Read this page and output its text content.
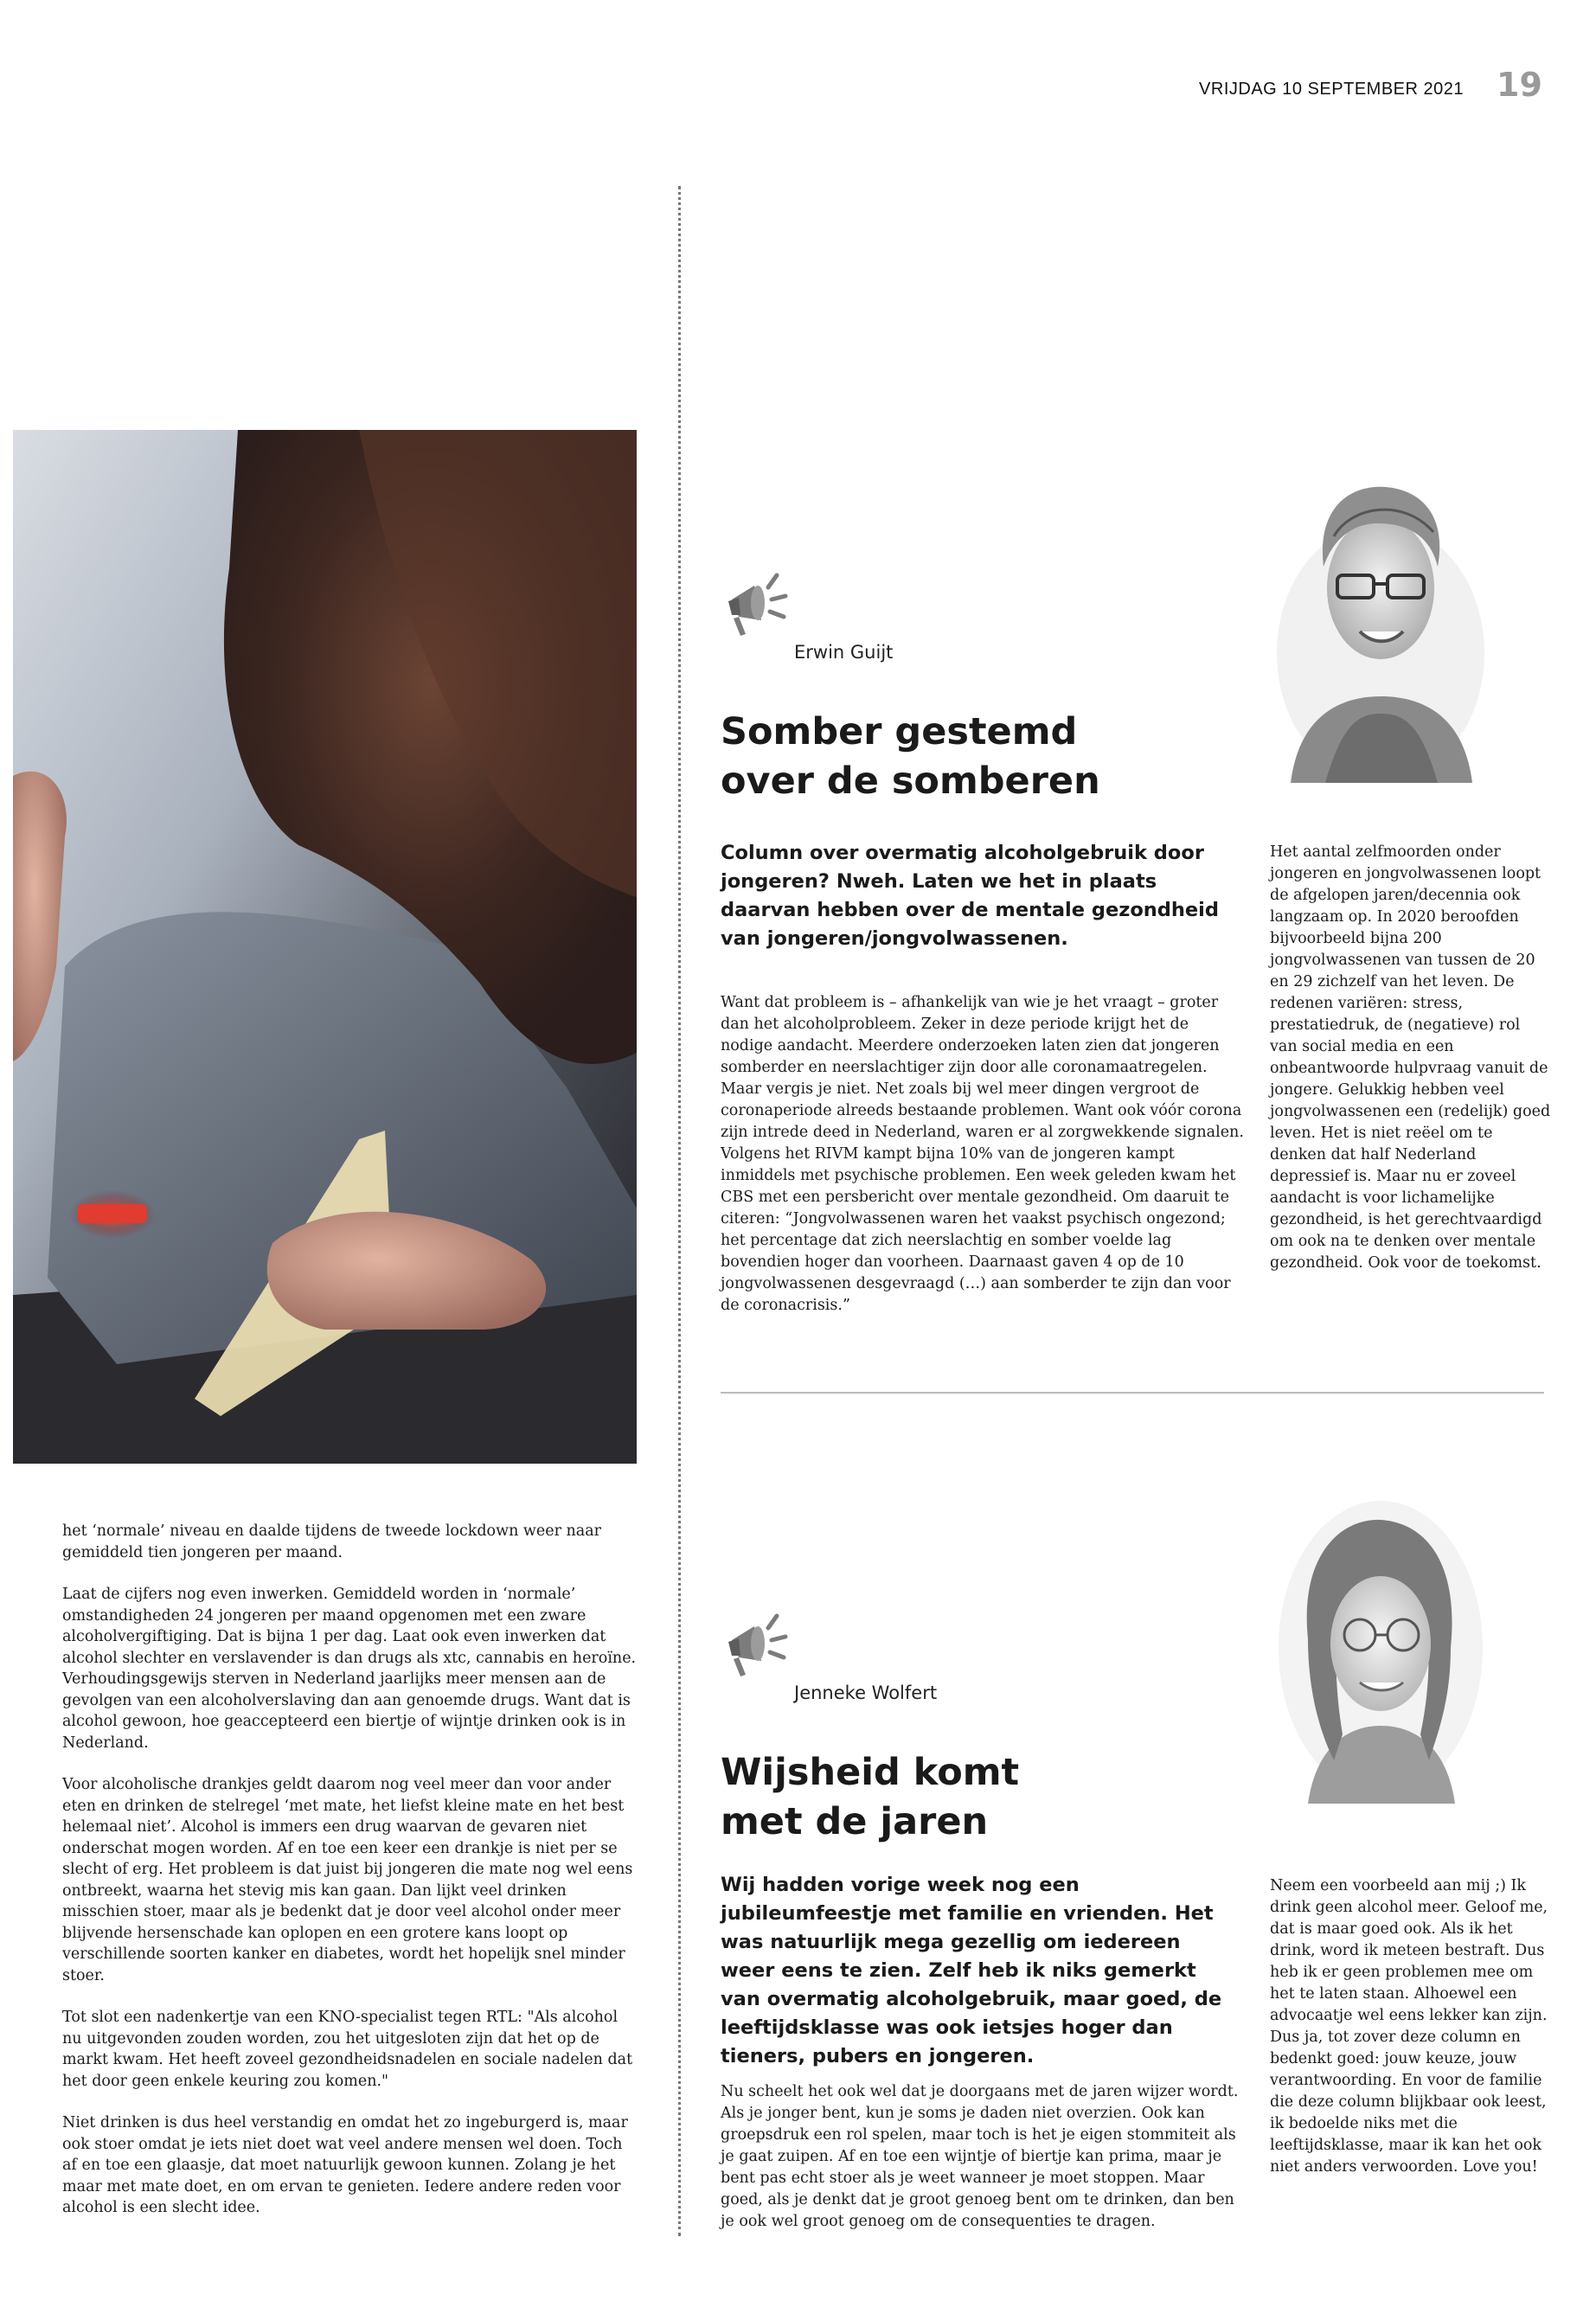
VRIJDAG 10 SEPTEMBER 2021 19
Erwin Guijt
Somber gestemd
over de somberen

Column over overmatig alcoholgebruik door jongeren? Nweh. Laten we het in plaats daarvan hebben over de mentale gezondheid van jongeren/jongvolwassenen.

Want dat probleem is – afhankelijk van wie je het vraagt – groter dan het alcoholprobleem. Zeker in deze periode krijgt het de nodige aandacht. Meerdere onderzoeken laten zien dat jongeren somberder en neerslachtiger zijn door alle coronamaatregelen. Maar vergis je niet. Net zoals bij wel meer dingen vergroot de coronaperiode alreeds bestaande problemen. Want ook vóór corona zijn intrede deed in Nederland, waren er al zorgwekkende signalen. Volgens het RIVM kampt bijna 10% van de jongeren kampt inmiddels met psychische problemen. Een week geleden kwam het CBS met een persbericht over mentale gezondheid. Om daaruit te citeren: “Jongvolwassenen waren het vaakst psychisch ongezond; het percentage dat zich neerslachtig en somber voelde lag bovendien hoger dan voorheen. Daarnaast gaven 4 op de 10 jongvolwassenen desgevraagd (…) aan somberder te zijn dan voor de coronacrisis.”

Het aantal zelfmoorden onder jongeren en jongvolwassenen loopt de afgelopen jaren/decennia ook langzaam op. In 2020 beroofden bijvoorbeeld bijna 200 jongvolwassenen van tussen de 20 en 29 zichzelf van het leven. De redenen variëren: stress, prestatiedruk, de (negatieve) rol van social media en een onbeantwoorde hulpvraag vanuit de jongere. Gelukkig hebben veel jongvolwassenen een (redelijk) goed leven. Het is niet reëel om te denken dat half Nederland depressief is. Maar nu er zoveel aandacht is voor lichamelijke gezondheid, is het gerechtvaardigd om ook na te denken over mentale gezondheid. Ook voor de toekomst.

Jenneke Wolfert
Wijsheid komt
met de jaren

Wij hadden vorige week nog een jubileumfeestje met familie en vrienden. Het was natuurlijk mega gezellig om iedereen weer eens te zien. Zelf heb ik niks gemerkt van overmatig alcoholgebruik, maar goed, de leeftijdsklasse was ook ietsjes hoger dan tieners, pubers en jongeren.

Nu scheelt het ook wel dat je doorgaans met de jaren wijzer wordt. Als je jonger bent, kun je soms je daden niet overzien. Ook kan groepsdruk een rol spelen, maar toch is het je eigen stommiteit als je gaat zuipen. Af en toe een wijntje of biertje kan prima, maar je bent pas echt stoer als je weet wanneer je moet stoppen. Maar goed, als je denkt dat je groot genoeg bent om te drinken, dan ben je ook wel groot genoeg om de consequenties te dragen.

Neem een voorbeeld aan mij ;) Ik drink geen alcohol meer. Geloof me, dat is maar goed ook. Als ik het drink, word ik meteen bestraft. Dus heb ik er geen problemen mee om het te laten staan. Alhoewel een advocaatje wel eens lekker kan zijn. Dus ja, tot zover deze column en bedenkt goed: jouw keuze, jouw verantwoording. En voor de familie die deze column blijkbaar ook leest, ik bedoelde niks met die leeftijdsklasse, maar ik kan het ook niet anders verwoorden. Love you!

het ‘normale’ niveau en daalde tijdens de tweede lockdown weer naar gemiddeld tien jongeren per maand.

Laat de cijfers nog even inwerken. Gemiddeld worden in ‘normale’ omstandigheden 24 jongeren per maand opgenomen met een zware alcoholvergiftiging. Dat is bijna 1 per dag. Laat ook even inwerken dat alcohol slechter en verslavender is dan drugs als xtc, cannabis en heroïne. Verhoudingsgewijs sterven in Nederland jaarlijks meer mensen aan de gevolgen van een alcoholverslaving dan aan genoemde drugs. Want dat is alcohol gewoon, hoe geaccepteerd een biertje of wijntje drinken ook is in Nederland.

Voor alcoholische drankjes geldt daarom nog veel meer dan voor ander eten en drinken de stelregel ‘met mate, het liefst kleine mate en het best helemaal niet’. Alcohol is immers een drug waarvan de gevaren niet onderschat mogen worden. Af en toe een keer een drankje is niet per se slecht of erg. Het probleem is dat juist bij jongeren die mate nog wel eens ontbreekt, waarna het stevig mis kan gaan. Dan lijkt veel drinken misschien stoer, maar als je bedenkt dat je door veel alcohol onder meer blijvende hersenschade kan oplopen en een grotere kans loopt op verschillende soorten kanker en diabetes, wordt het hopelijk snel minder stoer.

Tot slot een nadenkertje van een KNO-specialist tegen RTL: "Als alcohol nu uitgevonden zouden worden, zou het uitgesloten zijn dat het op de markt kwam. Het heeft zoveel gezondheidsnadelen en sociale nadelen dat het door geen enkele keuring zou komen."

Niet drinken is dus heel verstandig en omdat het zo ingeburgerd is, maar ook stoer omdat je iets niet doet wat veel andere mensen wel doen. Toch af en toe een glaasje, dat moet natuurlijk gewoon kunnen. Zolang je het maar met mate doet, en om ervan te genieten. Iedere andere reden voor alcohol is een slecht idee.
